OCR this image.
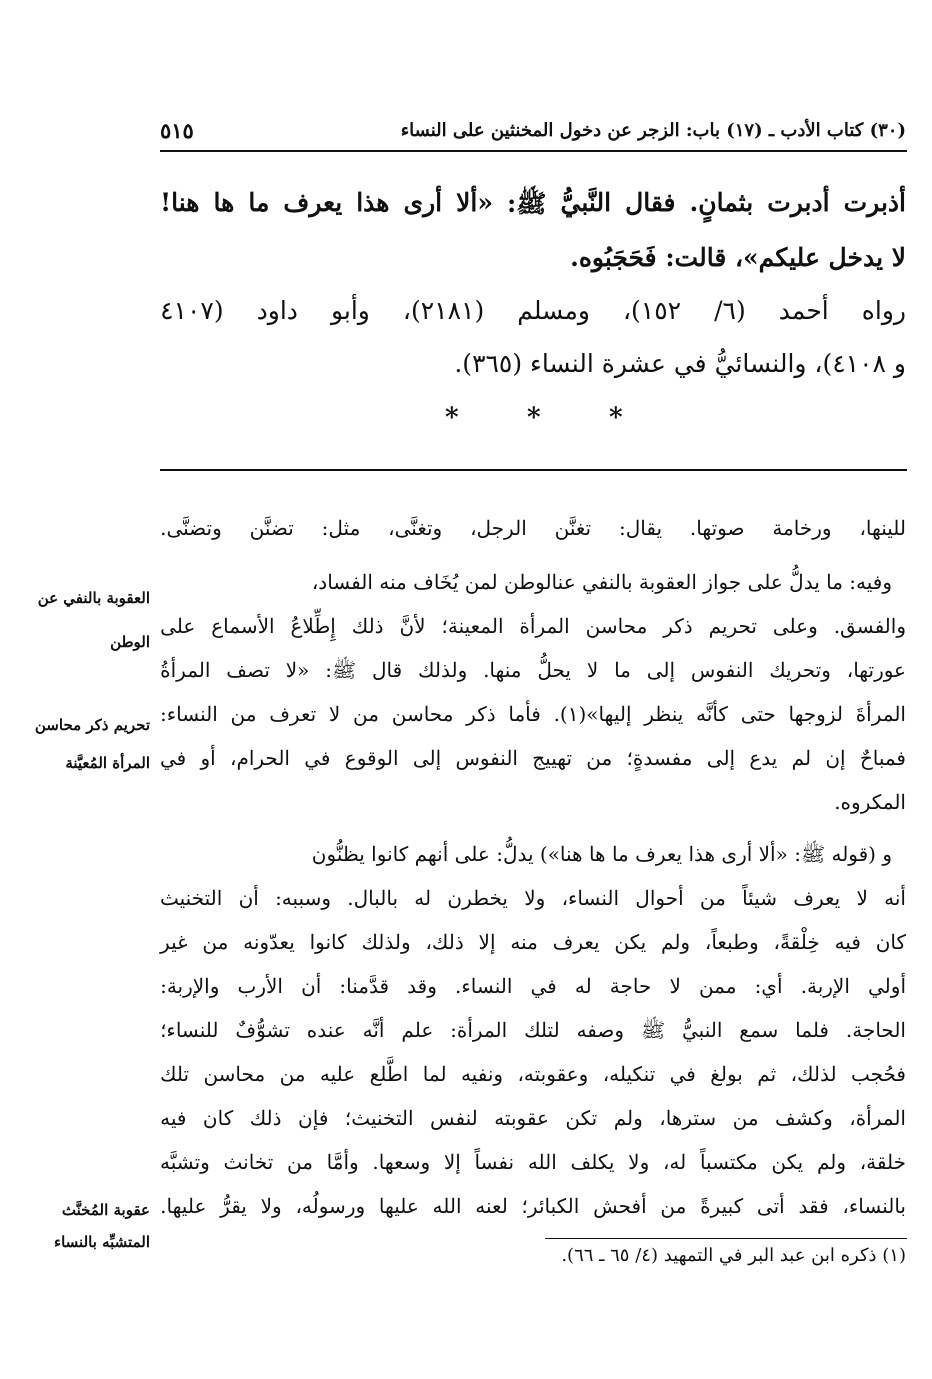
(٣٠) كتاب الأدب ـ (١٧) باب: الزجر عن دخول المخنثين على النساء
٥١٥
أذبرت
أدبرت
بثمانٍ.
فقال
النَّبيُّ
ﷺ:
«ألا
أرى
هذا
يعرف
ما
ها
هنا!
لا يدخل عليكم»، قالت: فَحَجَبُوه.
رواه
أحمد
(٦/
١٥٢)،
ومسلم
(٢١٨١)،
وأبو
داود
(٤١٠٧
و ٤١٠٨)، والنسائيُّ في عشرة النساء (٣٦٥).
*	*	*
للينها،
ورخامة
صوتها.
يقال:
تغنَّن
الرجل،
وتغنَّى،
مثل:
تضنَّن
وتضنَّى.
وفيه: ما يدلُّ على جواز العقوبة بالنفي عنالوطن لمن يُخَاف منه الفساد،
والفسق.
وعلى
تحريم
ذكر
محاسن
المرأة
المعينة؛
لأنَّ
ذلك
إِطِّلاعُ
الأسماع
على
عورتها،
وتحريك
النفوس
إلى
ما
لا
يحلُّ
منها.
ولذلك
قال
ﷺ:
«لا
تصف
المرأةُ
المرأةَ
لزوجها
حتى
كأنَّه
ينظر
إليها»(١).
فأما
ذكر
محاسن
من
لا
تعرف
من
النساء:
فمباحٌ
إن
لم
يدع
إلى
مفسدةٍ؛
من
تهييج
النفوس
إلى
الوقوع
في
الحرام،
أو
في
المكروه.
و (قوله ﷺ: «ألا أرى هذا يعرف ما ها هنا») يدلُّ: على أنهم كانوا يظنُّون
أنه
لا
يعرف
شيئاً
من
أحوال
النساء،
ولا
يخطرن
له
بالبال.
وسببه:
أن
التخنيث
كان
فيه
خِلْقةً،
وطبعاً،
ولم
يكن
يعرف
منه
إلا
ذلك،
ولذلك
كانوا
يعدّونه
من
غير
أولي
الإربة.
أي:
ممن
لا
حاجة
له
في
النساء.
وقد
قدَّمنا:
أن
الأرب
والإربة:
الحاجة.
فلما
سمع
النبيُّ
ﷺ
وصفه
لتلك
المرأة:
علم
أنَّه
عنده
تشوُّفٌ
للنساء؛
فحُجب
لذلك،
ثم
بولغ
في
تنكيله،
وعقوبته،
ونفيه
لما
اطَّلع
عليه
من
محاسن
تلك
المرأة،
وكشف
من
سترها،
ولم
تكن
عقوبته
لنفس
التخنيث؛
فإن
ذلك
كان
فيه
خلقة،
ولم
يكن
مكتسباً
له،
ولا
يكلف
الله
نفساً
إلا
وسعها.
وأمَّا
من
تخانث
وتشبَّه
بالنساء،
فقد
أتى
كبيرةً
من
أفحش
الكبائر؛
لعنه
الله
عليها
ورسولُه،
ولا
يقرُّ
عليها.
العقوبة بالنفي عن الوطن
تحريم ذكر محاسن المرأة المُعيَّنة
عقوبة المُخنَّث المتشبِّه بالنساء
(١) ذكره ابن عبد البر في التمهيد (٤/ ٦٥ ـ ٦٦).
